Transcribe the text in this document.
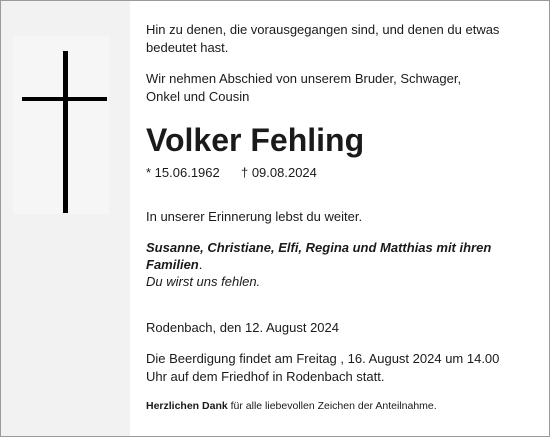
Hin zu denen, die vorausgegangen sind, und denen du etwas
bedeutet hast.
Wir nehmen Abschied von unserem Bruder, Schwager,
Onkel und Cousin
Volker Fehling
* 15.06.1962 † 09.08.2024
In unserer Erinnerung lebst du weiter.
Susanne, Christiane, Elfi, Regina und Matthias mit ihren
Familien.
Du wirst uns fehlen.
Rodenbach, den 12. August 2024
Die Beerdigung findet am Freitag , 16. August 2024 um 14.00
Uhr auf dem Friedhof in Rodenbach statt.
Herzlichen Dank für alle liebevollen Zeichen der Anteilnahme.
